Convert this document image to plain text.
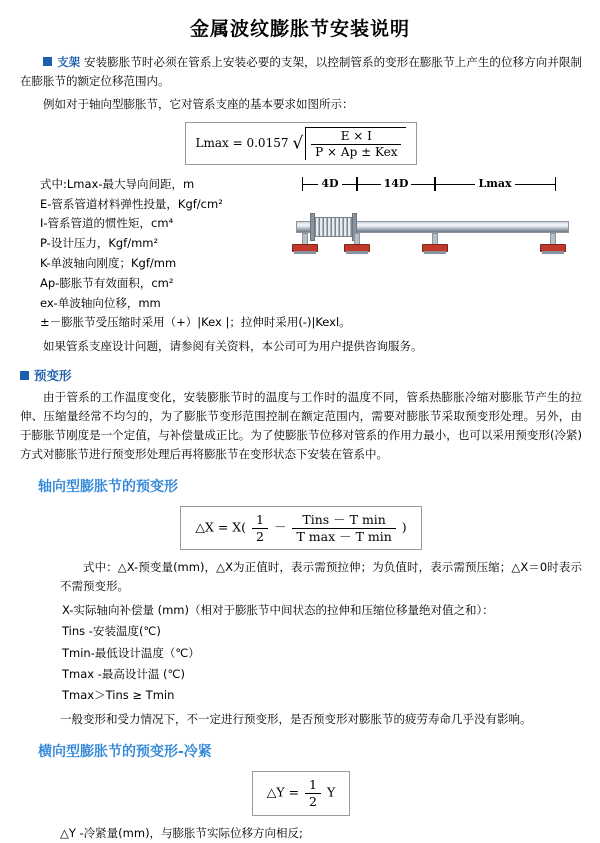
金属波纹膨胀节安装说明

支架 安装膨胀节时必须在管系上安装必要的支架，以控制管系的变形在膨胀节上产生的位移方向并限制在膨胀节的额定位移范围内。

例如对于轴向型膨胀节，它对管系支座的基本要求如图所示：

Lmax = 0.0157 √ $\frac{E \times I}{\text{P × Ap ± Kex}}$
式中:Lmax-最大导向间距，m
E-管系管道材料弹性投量，Kgf/cm²
I-管系管道的惯性矩，cm⁴
P-设计压力，Kgf/mm²
K-单波轴向刚度；Kgf/mm
Ap-膨胀节有效面积，cm²
ex-单波轴向位移，mm
±－膨胀节受压缩时采用（+）|Kex |；拉伸时采用(-)|Kexl。
4D	14D	Lmax

如果管系支座设计问题，请参阅有关资料，本公司可为用户提供咨询服务。

预变形

由于管系的工作温度变化，安装膨胀节时的温度与工作时的温度不同，管系热膨胀冷缩对膨胀节产生的拉伸、压缩量经常不均匀的，为了膨胀节变形范围控制在额定范围内，需要对膨胀节采取预变形处理。另外，由于膨胀节刚度是一个定值，与补偿量成正比。为了使膨胀节位移对管系的作用力最小，也可以采用预变形(冷紧)方式对膨胀节进行预变形处理后再将膨胀节在变形状态下安装在管系中。

轴向型膨胀节的预变形
△X = $X( \frac{1}{2} - \frac{\text{Tins － T min}}{\text{T max － T min}}$ )

式中：△X-预变量(mm)，△X为正值时，表示需预拉伸；为负值时，表示需预压缩；△X＝0时表示不需预变形。

X-实际轴向补偿量 (mm)（相对于膨胀节中间状态的拉伸和压缩位移量绝对值之和）：
Tins -安装温度(℃)
Tmin-最低设计温度（℃）
Tmax -最高设计温 (℃)
Tmax＞Tins ≥ Tmin

一般变形和受力情况下，不一定进行预变形，是否预变形对膨胀节的疲劳寿命几乎没有影响。

横向型膨胀节的预变形-冷紧
△Y = $\frac{1}{2}$ Y

△Y -冷紧量(mm)，与膨胀节实际位移方向相反;
